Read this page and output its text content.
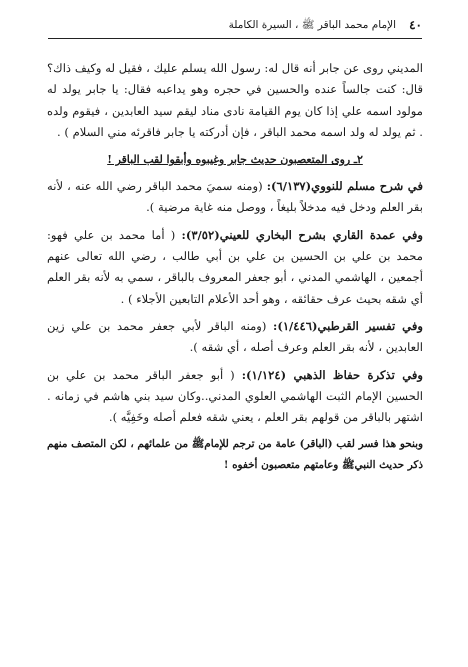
٤٠
الإمام محمد الباقر ﷺ ، السيرة الكاملة

المديني روى عن جابر أنه قال له: رسول الله يسلم عليك ، فقيل له وكيف ذاك؟ قال: كنت جالساً عنده والحسين في حجره وهو يداعبه فقال: يا جابر يولد له مولود اسمه علي إذا كان يوم القيامة نادى مناد ليقم سيد العابدين ، فيقوم ولده . ثم يولد له ولد اسمه محمد الباقر ، فإن أدركته يا جابر فاقرئه مني السلام ) .

٢ـ روى المتعصبون حديث جابر وغيبوه وأبقوا لقب الباقر !

في شرح مسلم للنووي(٦/١٣٧): (ومنه سميَ محمد الباقر رضي الله عنه ، لأنه بقر العلم ودخل فيه مدخلاً بليغاً ، ووصل منه غاية مرضية ).

وفي عمدة القاري بشرح البخاري للعيني(٣/٥٢): ( أما محمد بن علي فهو: محمد بن علي بن الحسين بن علي بن أبي طالب ، رضي الله تعالى عنهم أجمعين ، الهاشمي المدني ، أبو جعفر المعروف بالباقر ، سمي به لأنه بقر العلم أي شقه بحيث عرف حقائقه ، وهو أحد الأعلام التابعين الأجلاء ) .

وفي تفسير القرطبي(١/٤٤٦): (ومنه الباقر لأبي جعفر محمد بن علي زين العابدين ، لأنه بقر العلم وعرف أصله ، أي شقه ).

وفي تذكرة حفاظ الذهبي (١/١٢٤): ( أبو جعفر الباقر محمد بن علي بن الحسين الإمام الثبت الهاشمي العلوي المدني..وكان سيد بني هاشم في زمانه . اشتهر بالباقر من قولهم بقر العلم ، يعني شقه فعلم أصله وخَفِيَّه ).

وبنحو هذا فسر لقب (الباقر) عامة من ترجم للإمامﷺ من علمائهم ، لكن المتصف منهم ذكر حديث النبيﷺ وعامتهم متعصبون أخفوه !
